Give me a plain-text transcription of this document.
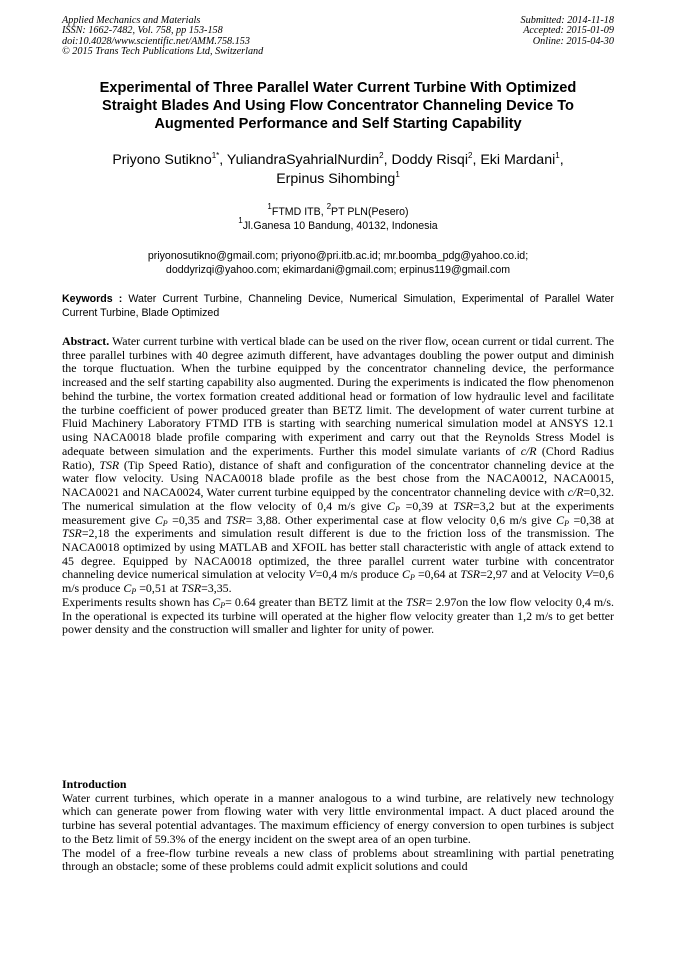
Applied Mechanics and Materials
ISSN: 1662-7482, Vol. 758, pp 153-158
doi:10.4028/www.scientific.net/AMM.758.153
© 2015 Trans Tech Publications Ltd, Switzerland
Submitted: 2014-11-18
Accepted: 2015-01-09
Online: 2015-04-30
Experimental of Three Parallel Water Current Turbine With Optimized
Straight Blades And Using Flow Concentrator Channeling Device To
Augmented Performance and Self Starting Capability
Priyono Sutikno$^{1*}$, YuliandraSyahrialNurdin$^2$, Doddy Risqi$^2$, Eki Mardani$^1$,
Erpinus Sihombing$^1$
$^1$FTMD ITB, $^2$PT PLN(Pesero)
$^1$Jl.Ganesa 10 Bandung, 40132, Indonesia
priyonosutikno@gmail.com; priyono@pri.itb.ac.id; mr.boomba_pdg@yahoo.co.id;
doddyrizqi@yahoo.com; ekimardani@gmail.com; erpinus119@gmail.com
Keywords : Water Current Turbine, Channeling Device, Numerical Simulation, Experimental of Parallel Water Current Turbine, Blade Optimized

Abstract. Water current turbine with vertical blade can be used on the river flow, ocean current or tidal current. The three parallel turbines with 40 degree azimuth different, have advantages doubling the power output and diminish the torque fluctuation. When the turbine equipped by the concentrator channeling device, the performance increased and the self starting capability also augmented. During the experiments is indicated the flow phenomenon behind the turbine, the vortex formation created additional head or formation of low hydraulic level and facilitate the turbine coefficient of power produced greater than BETZ limit. The development of water current turbine at Fluid Machinery Laboratory FTMD ITB is starting with searching numerical simulation model at ANSYS 12.1 using NACA0018 blade profile comparing with experiment and carry out that the Reynolds Stress Model is adequate between simulation and the experiments. Further this model simulate variants of c/R (Chord Radius Ratio), TSR (Tip Speed Ratio), distance of shaft and configuration of the concentrator channeling device at the water flow velocity. Using NACA0018 blade profile as the best chose from the NACA0012, NACA0015, NACA0021 and NACA0024, Water current turbine equipped by the concentrator channeling device with c/R=0,32. The numerical simulation at the flow velocity of 0,4 m/s give $C_P =0,39$ at TSR=3,2 but at the experiments measurement give $C_P =0,35$ and TSR= 3,88. Other experimental case at flow velocity 0,6 m/s give $C_P =0,38$ at TSR=2,18 the experiments and simulation result different is due to the friction loss of the transmission. The NACA0018 optimized by using MATLAB and XFOIL has better stall characteristic with angle of attack extend to 45 degree. Equipped by NACA0018 optimized, the three parallel current water turbine with concentrator channeling device numerical simulation at velocity V=0,4 m/s produce $C_P =0,64$ at TSR=2,97 and at Velocity V=0,6 m/s produce $C_P =0,51$ at TSR=3,35.

Experiments results shown has $C_P= 0.64$ greater than BETZ limit at the TSR= 2.97on the low flow velocity 0,4 m/s. In the operational is expected its turbine will operated at the higher flow velocity greater than 1,2 m/s to get better power density and the construction will smaller and lighter for unity of power.

Introduction

Water current turbines, which operate in a manner analogous to a wind turbine, are relatively new technology which can generate power from flowing water with very little environmental impact. A duct placed around the turbine has several potential advantages. The maximum efficiency of energy conversion to open turbines is subject to the Betz limit of 59.3% of the energy incident on the swept area of an open turbine.

The model of a free-flow turbine reveals a new class of problems about streamlining with partial penetrating through an obstacle; some of these problems could admit explicit solutions and could
